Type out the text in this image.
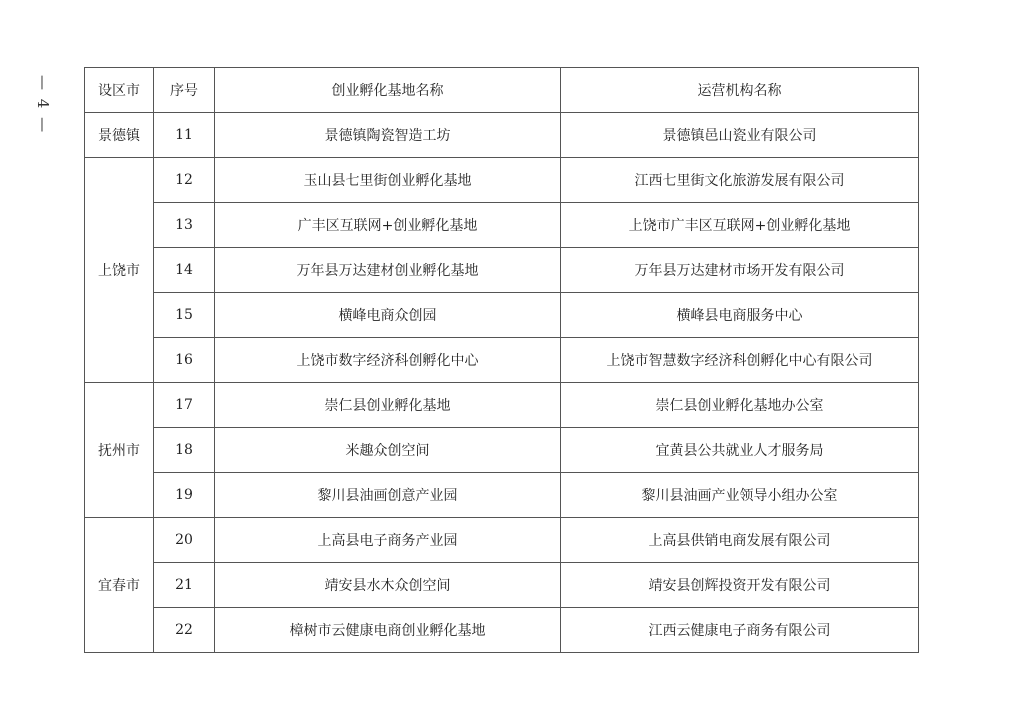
— 4 —	设区市	序号	创业孵化基地名称	运营机构名称
景德镇	11	景德镇陶瓷智造工坊	景德镇邑山瓷业有限公司
上饶市	12	玉山县七里街创业孵化基地	江西七里街文化旅游发展有限公司
	13	广丰区互联网+创业孵化基地	上饶市广丰区互联网+创业孵化基地
	14	万年县万达建材创业孵化基地	万年县万达建材市场开发有限公司
	15	横峰电商众创园	横峰县电商服务中心
	16	上饶市数字经济科创孵化中心	上饶市智慧数字经济科创孵化中心有限公司
抚州市	17	崇仁县创业孵化基地	崇仁县创业孵化基地办公室
	18	米趣众创空间	宜黄县公共就业人才服务局
	19	黎川县油画创意产业园	黎川县油画产业领导小组办公室
宜春市	20	上高县电子商务产业园	上高县供销电商发展有限公司
	21	靖安县水木众创空间	靖安县创辉投资开发有限公司
	22	樟树市云健康电商创业孵化基地	江西云健康电子商务有限公司
